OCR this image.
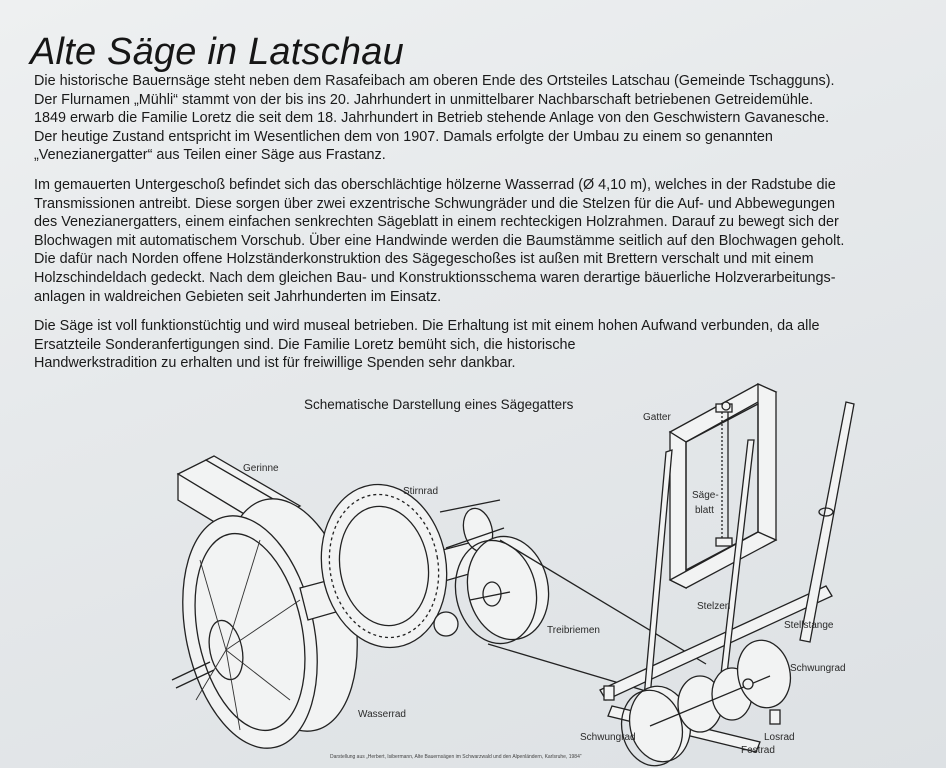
Alte Säge in Latschau

Die historische Bauernsäge steht neben dem Rasafeibach am oberen Ende des Ortsteiles Latschau (Gemeinde Tschagguns).
Der Flurnamen „Mühli“ stammt von der bis ins 20. Jahrhundert in unmittelbarer Nachbarschaft betriebenen Getreidemühle.
1849 erwarb die Familie Loretz die seit dem 18. Jahrhundert in Betrieb stehende Anlage von den Geschwistern Gavanesche.
Der heutige Zustand entspricht im Wesentlichen dem von 1907. Damals erfolgte der Umbau zu einem so genannten
„Venezianergatter“ aus Teilen einer Säge aus Frastanz.

Im gemauerten Untergeschoß befindet sich das oberschlächtige hölzerne Wasserrad (Ø 4,10 m), welches in der Radstube die
Transmissionen antreibt. Diese sorgen über zwei exzentrische Schwungräder und die Stelzen für die Auf- und Abbewegungen
des Venezianergatters, einem einfachen senkrechten Sägeblatt in einem rechteckigen Holzrahmen. Darauf zu bewegt sich der
Blochwagen mit automatischem Vorschub. Über eine Handwinde werden die Baumstämme seitlich auf den Blochwagen geholt.
Die dafür nach Norden offene Holzständerkonstruktion des Sägegeschoßes ist außen mit Brettern verschalt und mit einem
Holzschindeldach gedeckt. Nach dem gleichen Bau- und Konstruktionsschema waren derartige bäuerliche Holzverarbeitungs-
anlagen in waldreichen Gebieten seit Jahrhunderten im Einsatz.

Die Säge ist voll funktionstüchtig und wird museal betrieben. Die Erhaltung ist mit einem hohen Aufwand verbunden, da alle
Ersatzteile Sonderanfertigungen sind. Die Familie Loretz bemüht sich, die historische
Handwerkstradition zu erhalten und ist für freiwillige Spenden sehr dankbar.

Schematische Darstellung eines Sägegatters
Gerinne
Stirnrad
Gatter
Säge-
blatt
Stelzen
Stellstange
Treibriemen
Schwungrad
Wasserrad
Schwungrad	Losrad
Festrad
Darstellung aus „Herbert, Isibermann, Alte Bauernsägen im Schwarzwald und den Alpenländern, Karlsruhe, 1984“
